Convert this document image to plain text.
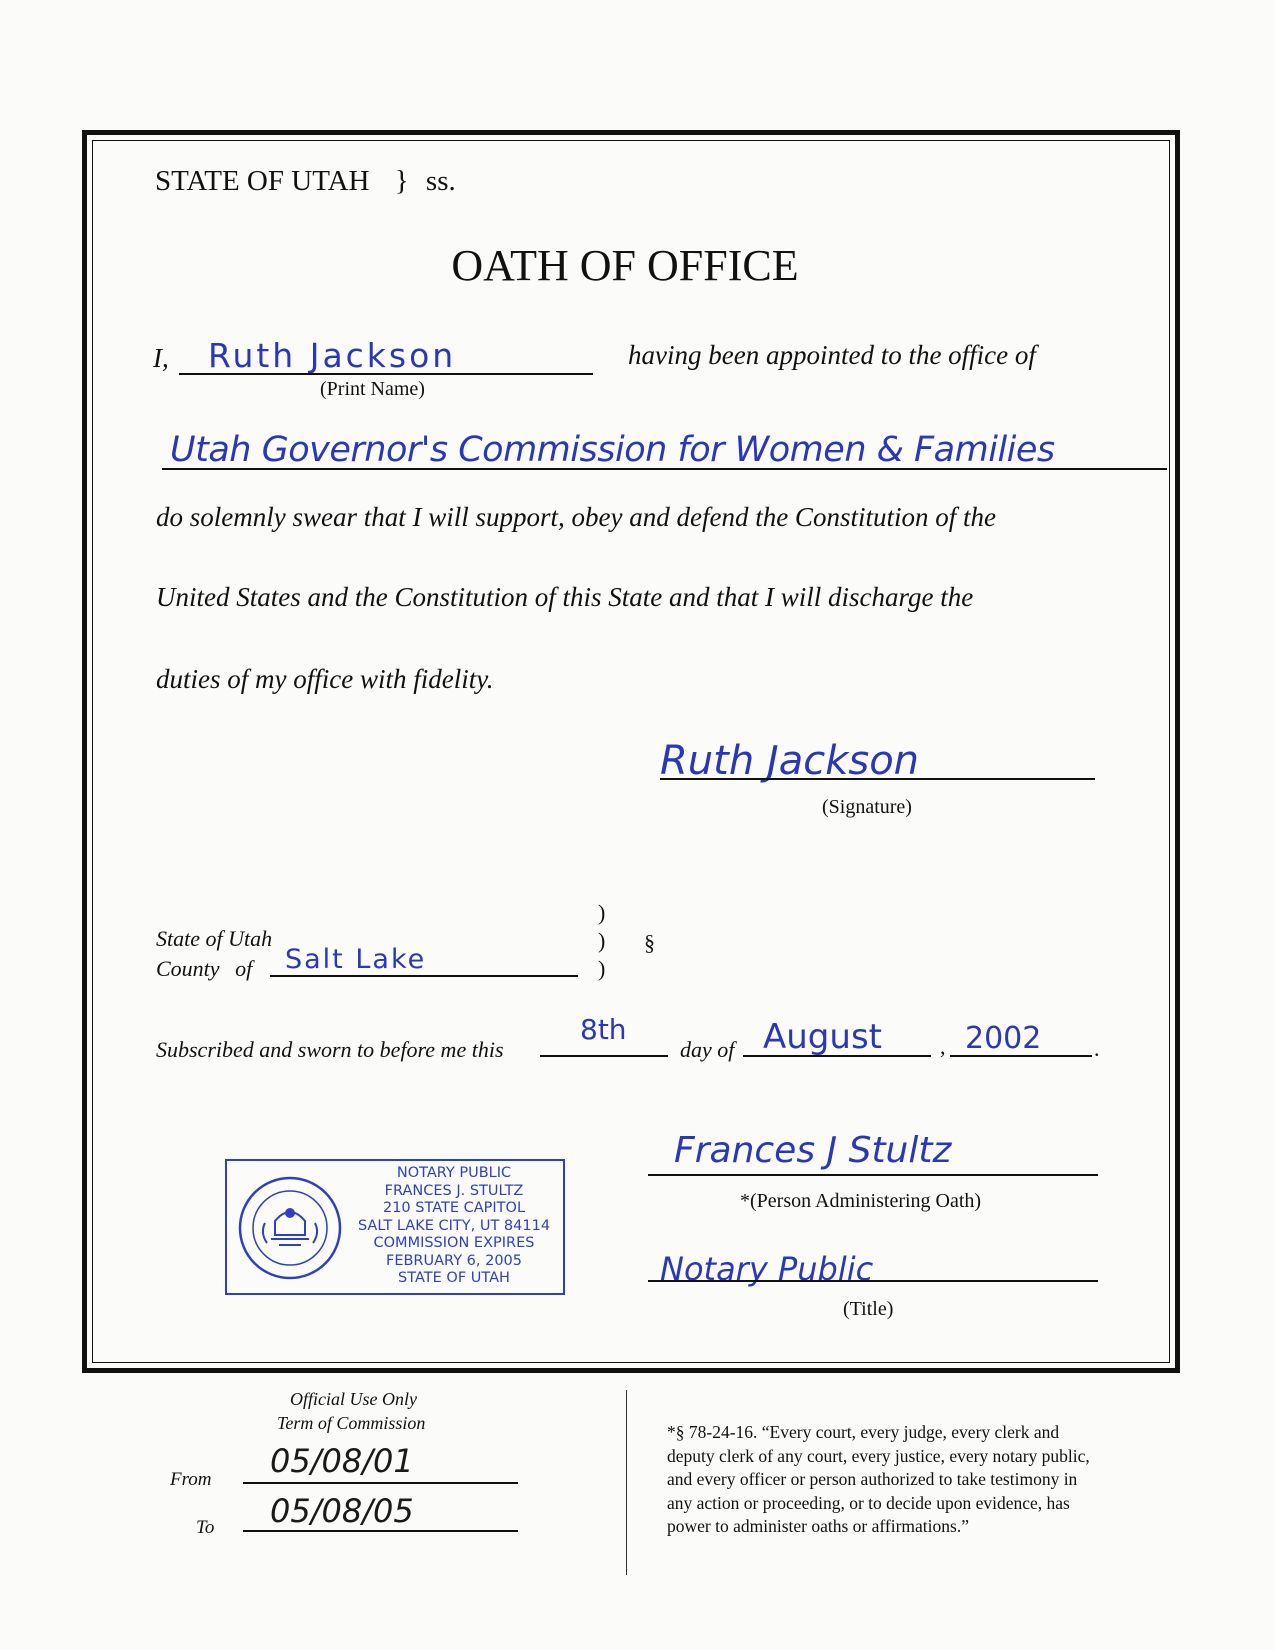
STATE OF UTAH } ss.
OATH OF OFFICE
I, Ruth Jackson
(Print Name)
having been appointed to the office of
Utah Governor's Commission for Women & Families
do solemnly swear that I will support, obey and defend the Constitution of the
United States and the Constitution of this State and that I will discharge the
duties of my office with fidelity.
Ruth Jackson
(Signature)
State of Utah
County of Salt Lake
)
)
)
§
Subscribed and sworn to before me this
8th
day of August	, 2002 .
NOTARY PUBLIC
FRANCES J. STULTZ
210 STATE CAPITOL
SALT LAKE CITY, UT 84114
COMMISSION EXPIRES
FEBRUARY 6, 2005
STATE OF UTAH
Frances J Stultz
*(Person Administering Oath)
Notary Public
(Title)
Official Use Only
Term of Commission
From 05/08/01
To 05/08/05
*§ 78-24-16. “Every court, every judge, every clerk and
deputy clerk of any court, every justice, every notary public,
and every officer or person authorized to take testimony in
any action or proceeding, or to decide upon evidence, has
power to administer oaths or affirmations.”
